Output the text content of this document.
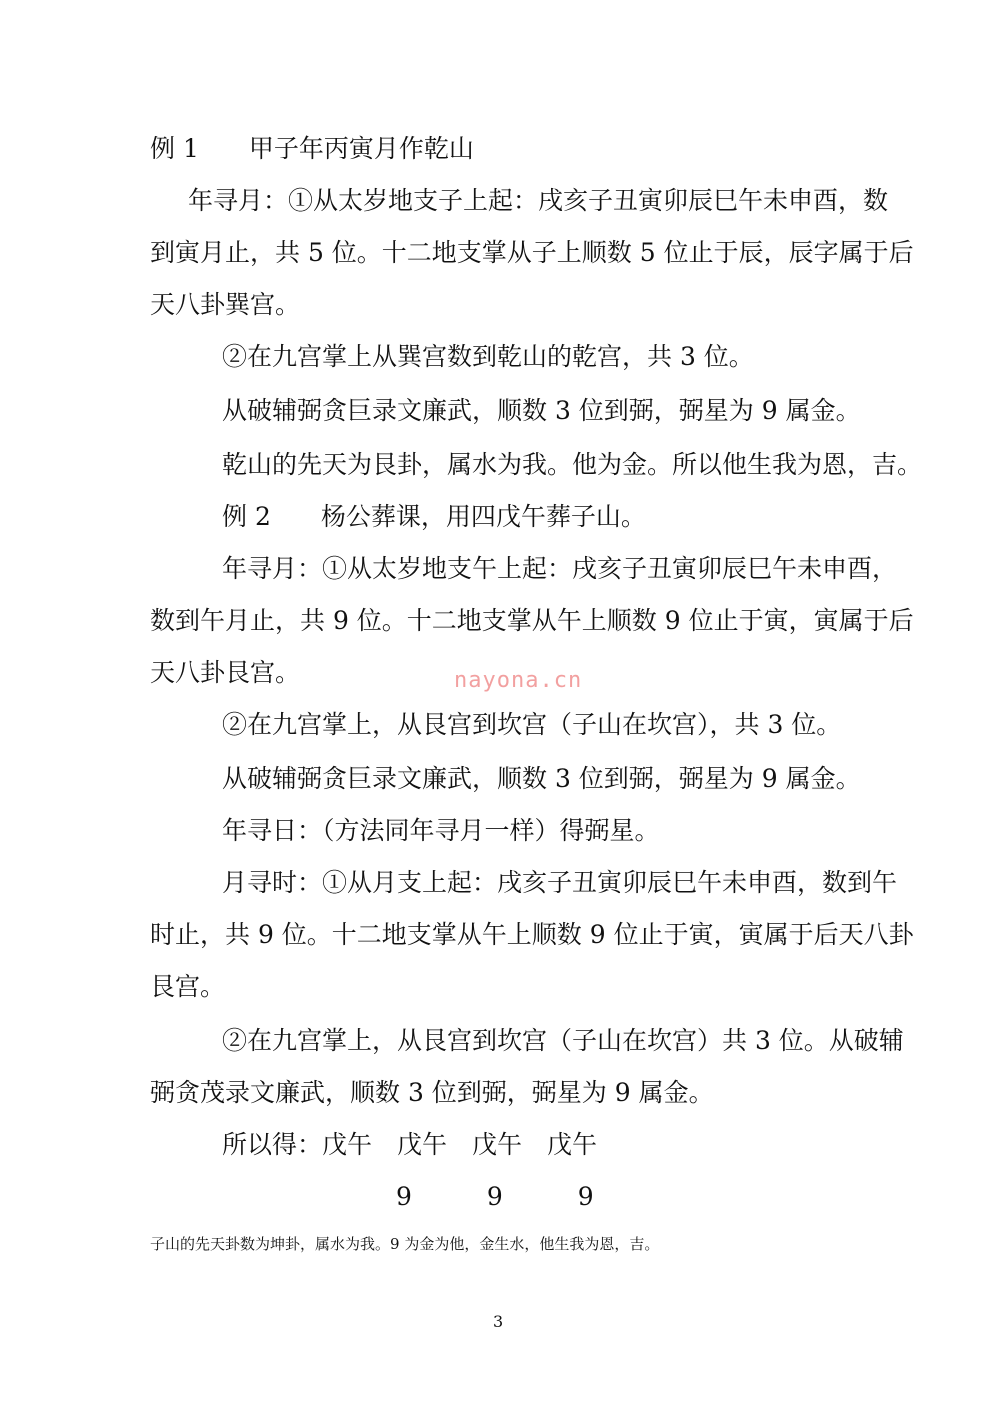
例 1　　甲子年丙寅月作乾山
年寻月：①从太岁地支子上起：戌亥子丑寅卯辰巳午未申酉，数
到寅月止，共 5 位。十二地支掌从子上顺数 5 位止于辰，辰字属于后
天八卦巽宫。
②在九宫掌上从巽宫数到乾山的乾宫，共 3 位。
从破辅弼贪巨录文廉武，顺数 3 位到弼，弼星为 9 属金。
乾山的先天为艮卦，属水为我。他为金。所以他生我为恩，吉。
例 2　　杨公葬课，用四戊午葬子山。
年寻月：①从太岁地支午上起：戌亥子丑寅卯辰巳午未申酉，
数到午月止，共 9 位。十二地支掌从午上顺数 9 位止于寅，寅属于后
天八卦艮宫。	nayona.cn
②在九宫掌上，从艮宫到坎宫（子山在坎宫），共 3 位。
从破辅弼贪巨录文廉武，顺数 3 位到弼，弼星为 9 属金。
年寻日：（方法同年寻月一样）得弼星。
月寻时：①从月支上起：戌亥子丑寅卯辰巳午未申酉，数到午
时止，共 9 位。十二地支掌从午上顺数 9 位止于寅，寅属于后天八卦
艮宫。
②在九宫掌上，从艮宫到坎宫（子山在坎宫）共 3 位。从破辅
弼贪茂录文廉武，顺数 3 位到弼，弼星为 9 属金。
所以得：戊午　戊午　戊午　戊午
9　　　9　　　9
子山的先天卦数为坤卦，属水为我。9 为金为他，金生水，他生我为恩，吉。
3
